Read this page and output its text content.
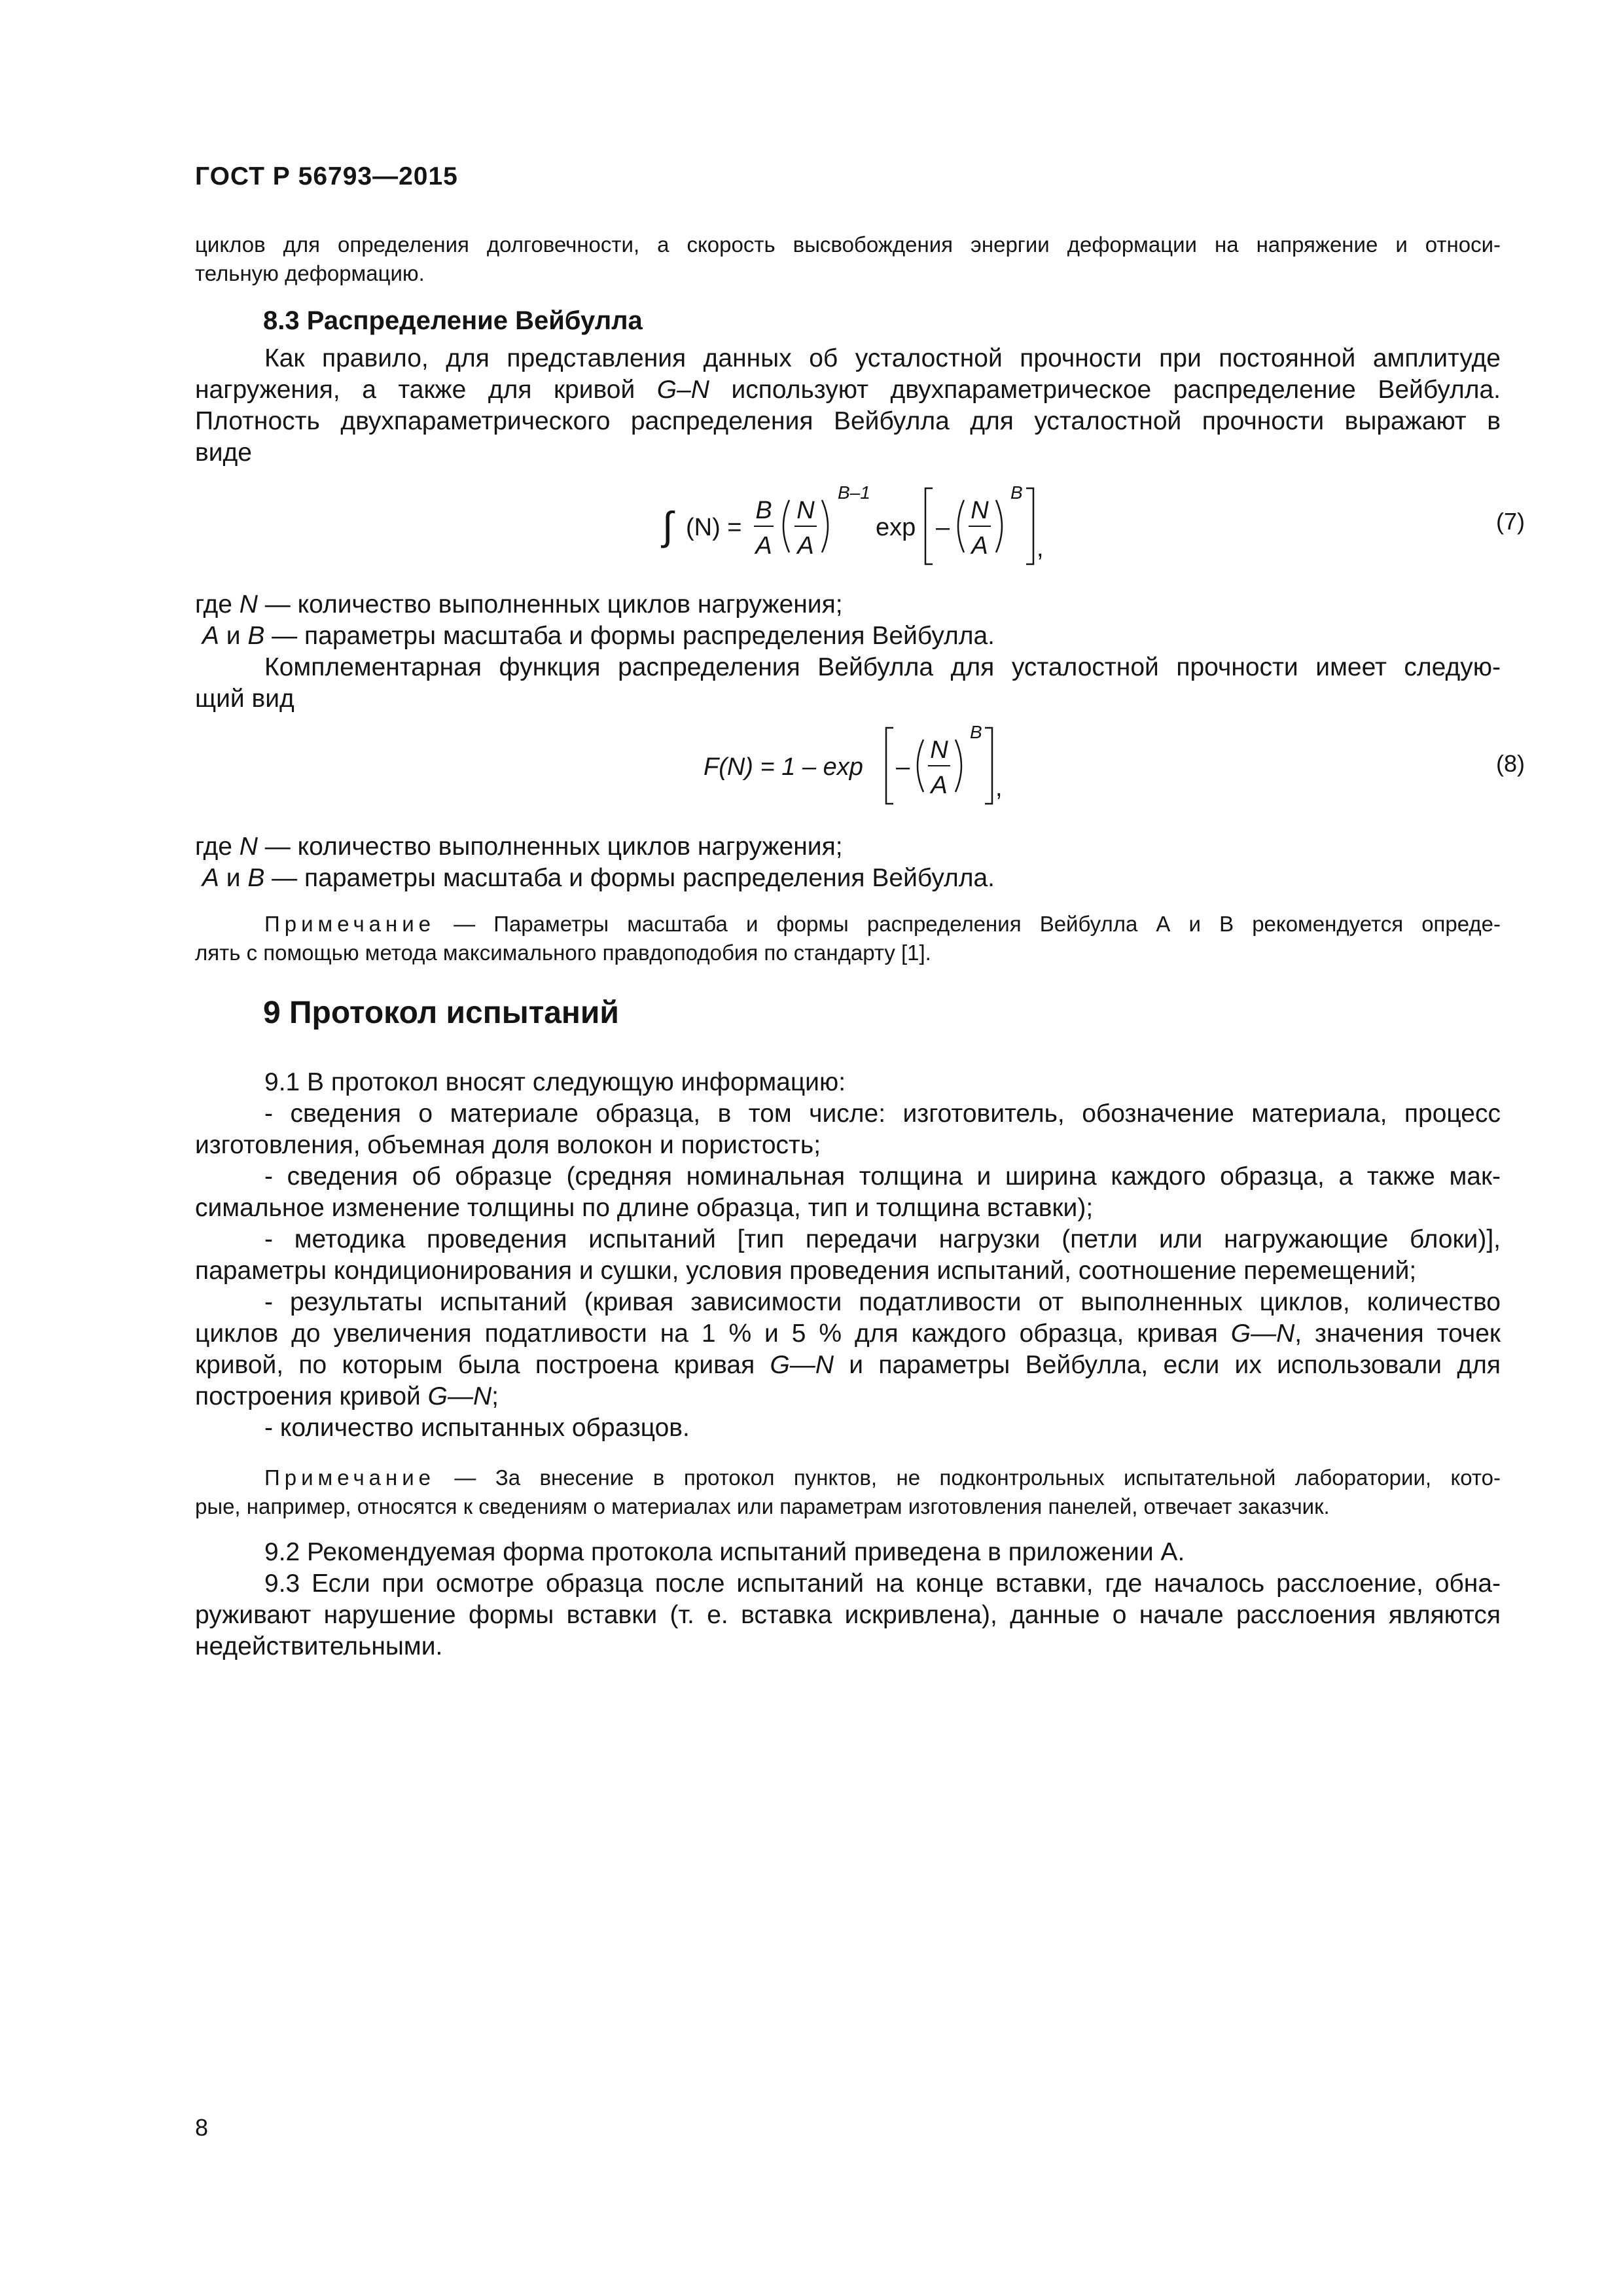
ГОСТ Р 56793—2015

циклов для определения долговечности, а скорость высвобождения энергии деформации на напряжение и относи-

тельную деформацию.

8.3 Распределение Вейбулла

Как правило, для представления данных об усталостной прочности при постоянной амплитуде

нагружения, а также для кривой G–N используют двухпараметрическое распределение Вейбулла.

Плотность двухпараметрического распределения Вейбулла для усталостной прочности выражают в

виде

∫ (N) =
B
A
N
A
B–1
exp –
N
A
B
,
(7)

где N — количество выполненных циклов нагружения;

A и B — параметры масштаба и формы распределения Вейбулла.

Комплементарная функция распределения Вейбулла для усталостной прочности имеет следую-

щий вид

F(N) = 1 – exp –
N
A
B
,
(8)

где N — количество выполненных циклов нагружения;

A и B — параметры масштаба и формы распределения Вейбулла.

Примечание — Параметры масштаба и формы распределения Вейбулла А и В рекомендуется опреде-

лять с помощью метода максимального правдоподобия по стандарту [1].

9 Протокол испытаний

9.1 В протокол вносят следующую информацию:

- сведения о материале образца, в том числе: изготовитель, обозначение материала, процесс

изготовления, объемная доля волокон и пористость;

- сведения об образце (средняя номинальная толщина и ширина каждого образца, а также мак-

симальное изменение толщины по длине образца, тип и толщина вставки);

- методика проведения испытаний [тип передачи нагрузки (петли или нагружающие блоки)],

параметры кондиционирования и сушки, условия проведения испытаний, соотношение перемещений;

- результаты испытаний (кривая зависимости податливости от выполненных циклов, количество

циклов до увеличения податливости на 1 % и 5 % для каждого образца, кривая G—N, значения точек

кривой, по которым была построена кривая G—N и параметры Вейбулла, если их использовали для

построения кривой G—N;

- количество испытанных образцов.

Примечание — За внесение в протокол пунктов, не подконтрольных испытательной лаборатории, кото-

рые, например, относятся к сведениям о материалах или параметрам изготовления панелей, отвечает заказчик.

9.2 Рекомендуемая форма протокола испытаний приведена в приложении А.

9.3 Если при осмотре образца после испытаний на конце вставки, где началось расслоение, обна-

руживают нарушение формы вставки (т. е. вставка искривлена), данные о начале расслоения являются

недействительными.

8
